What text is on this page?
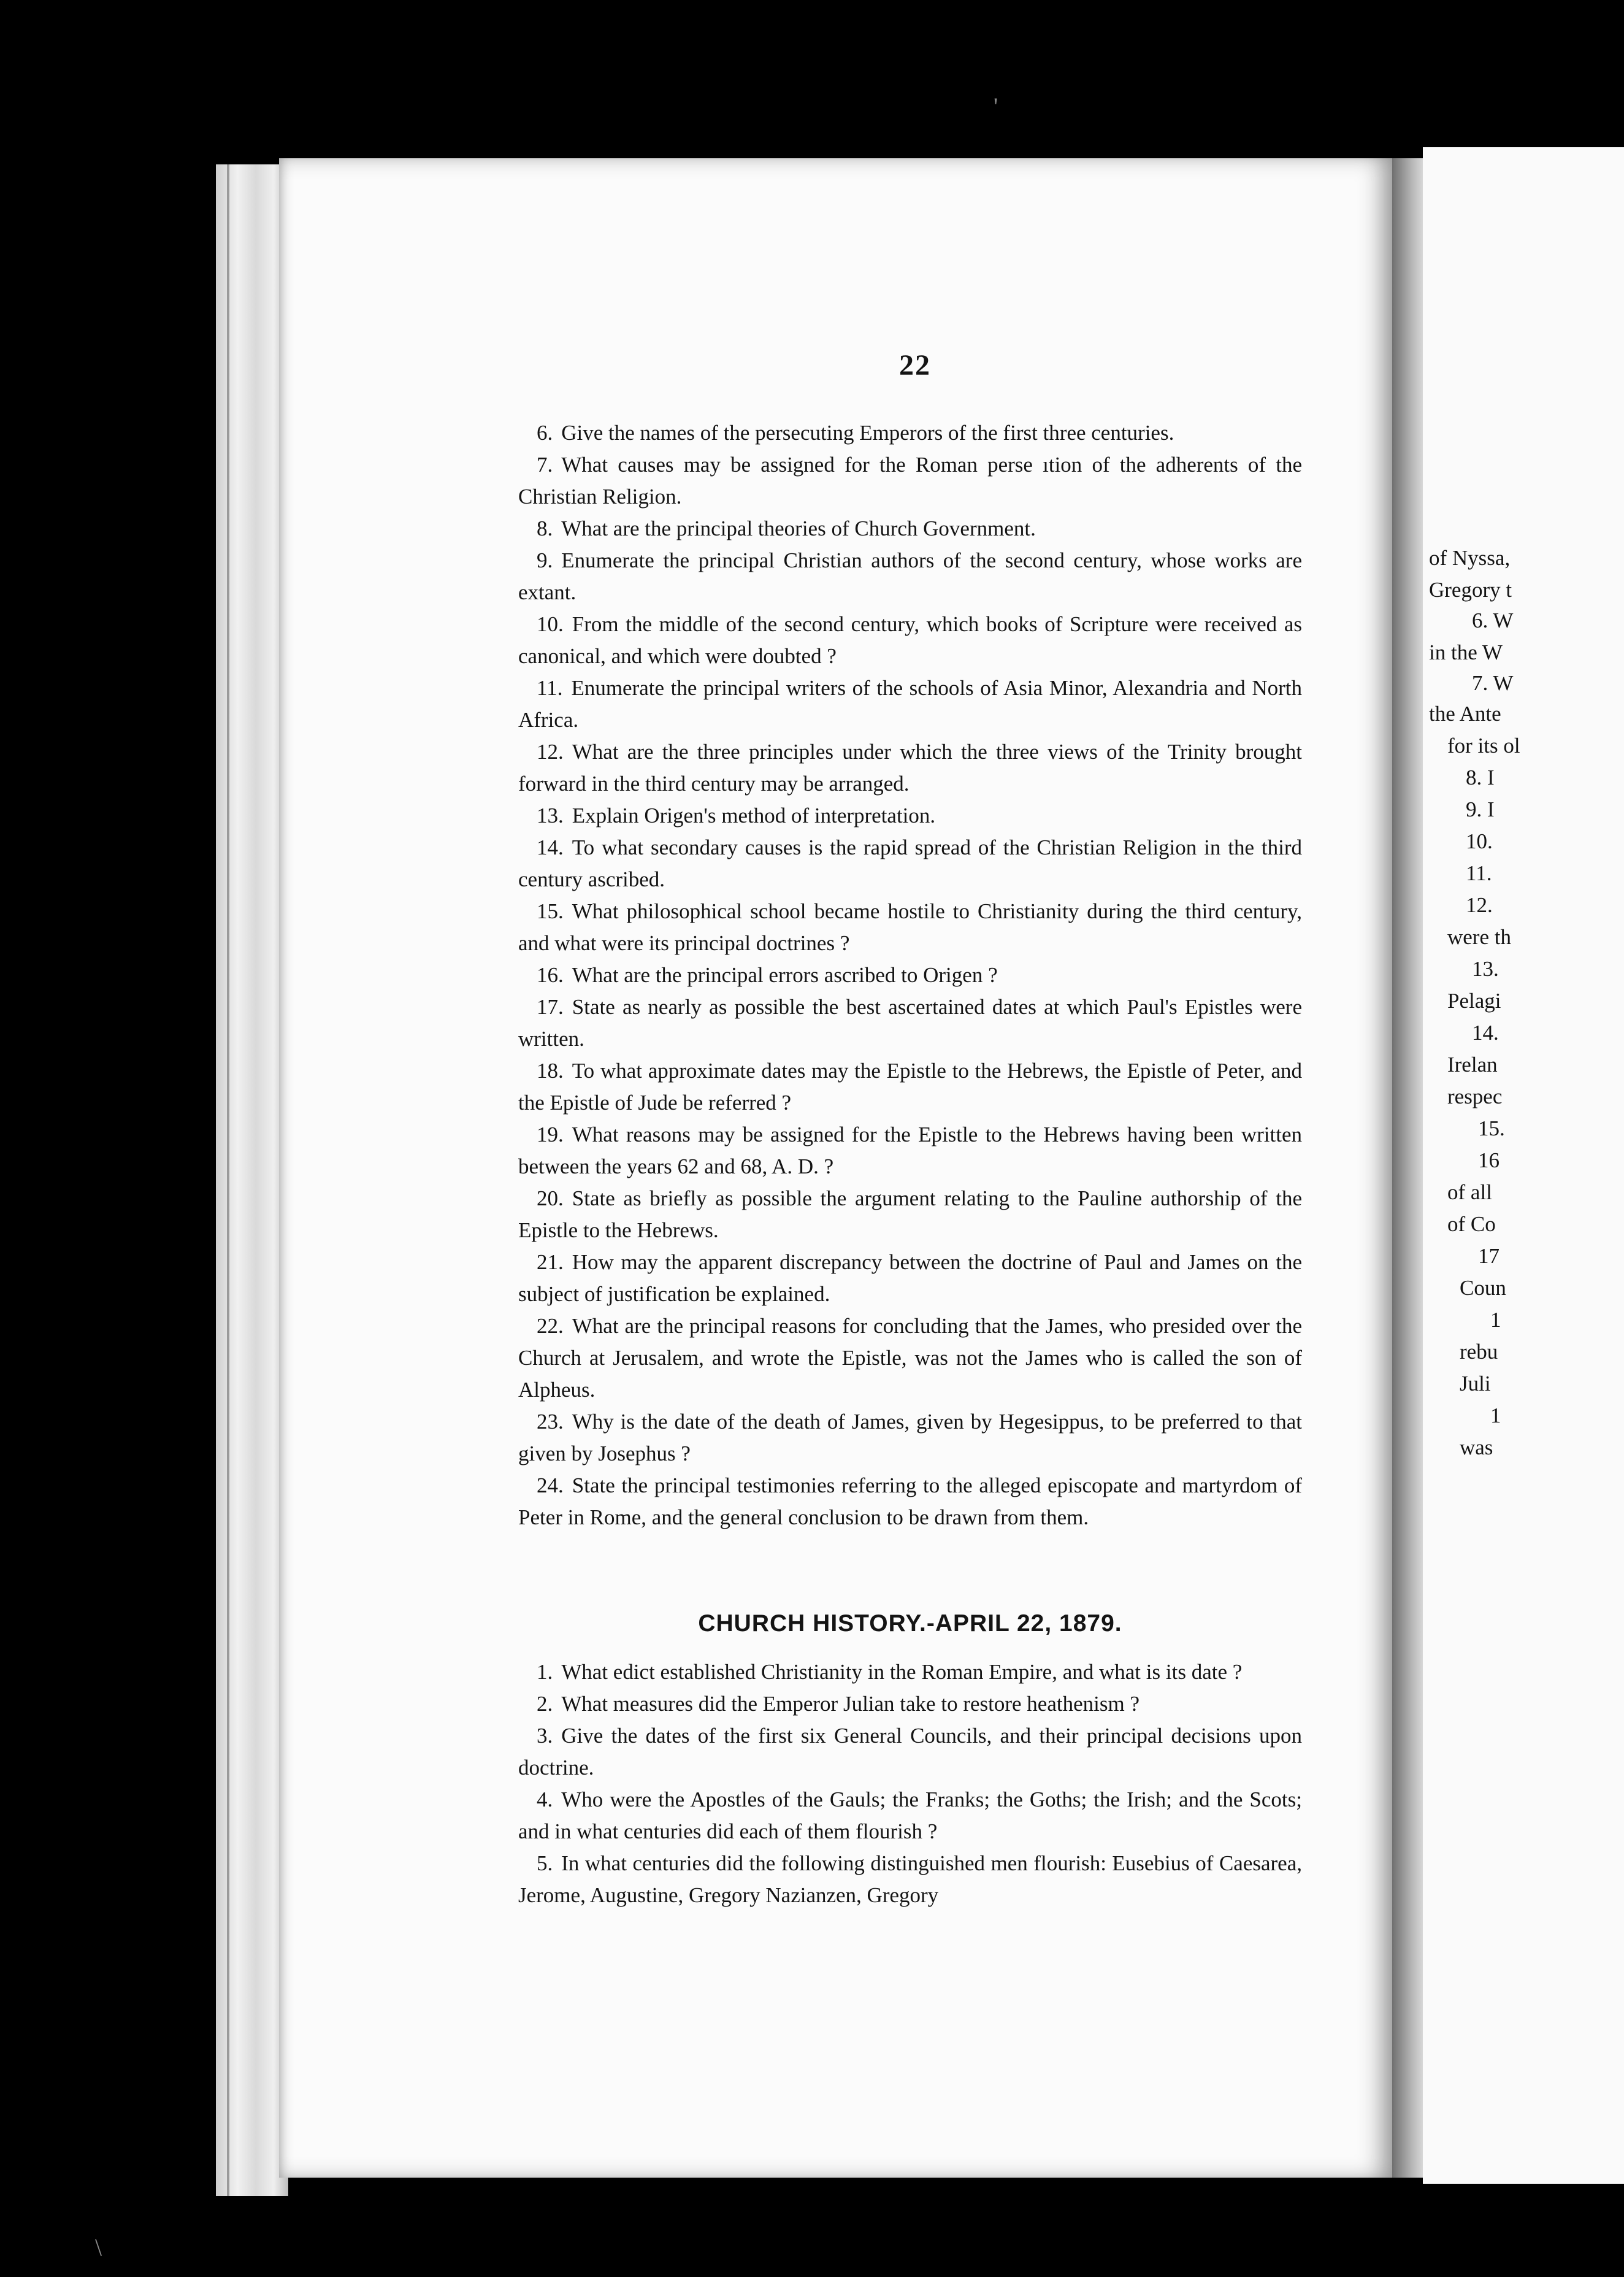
of Nyssa,
Gregory t
6. W
in the W
7. W
the Ante
for its ol
8. I
9. I
10.
11.
12.
were th
13.
Pelagi
14.
Irelan
respec
15.
16
of all
of Co
17
Coun
1
rebu
Juli
1
was
'
\
22

6. Give the names of the persecuting Emperors of the first three centuries.

7. What causes may be assigned for the Roman perse ıtion of the adherents of the Christian Religion.

8. What are the principal theories of Church Government.

9. Enumerate the principal Christian authors of the second century, whose works are extant.

10. From the middle of the second century, which books of Scripture were received as canonical, and which were doubted ?

11. Enumerate the principal writers of the schools of Asia Minor, Alexandria and North Africa.

12. What are the three principles under which the three views of the Trinity brought forward in the third century may be arranged.

13. Explain Origen's method of interpretation.

14. To what secondary causes is the rapid spread of the Christian Religion in the third century ascribed.

15. What philosophical school became hostile to Christianity during the third century, and what were its principal doctrines ?

16. What are the principal errors ascribed to Origen ?

17. State as nearly as possible the best ascertained dates at which Paul's Epistles were written.

18. To what approximate dates may the Epistle to the Hebrews, the Epistle of Peter, and the Epistle of Jude be referred ?

19. What reasons may be assigned for the Epistle to the Hebrews having been written between the years 62 and 68, A. D. ?

20. State as briefly as possible the argument relating to the Pauline authorship of the Epistle to the Hebrews.

21. How may the apparent discrepancy between the doctrine of Paul and James on the subject of justification be explained.

22. What are the principal reasons for concluding that the James, who presided over the Church at Jerusalem, and wrote the Epistle, was not the James who is called the son of Alpheus.

23. Why is the date of the death of James, given by Hegesippus, to be preferred to that given by Josephus ?

24. State the principal testimonies referring to the alleged episcopate and martyrdom of Peter in Rome, and the general conclusion to be drawn from them.

CHURCH HISTORY.-APRIL 22, 1879.

1. What edict established Christianity in the Roman Empire, and what is its date ?

2. What measures did the Emperor Julian take to restore heathenism ?

3. Give the dates of the first six General Councils, and their principal decisions upon doctrine.

4. Who were the Apostles of the Gauls; the Franks; the Goths; the Irish; and the Scots; and in what centuries did each of them flourish ?

5. In what centuries did the following distinguished men flourish: Eusebius of Caesarea, Jerome, Augustine, Gregory Nazianzen, Gregory
